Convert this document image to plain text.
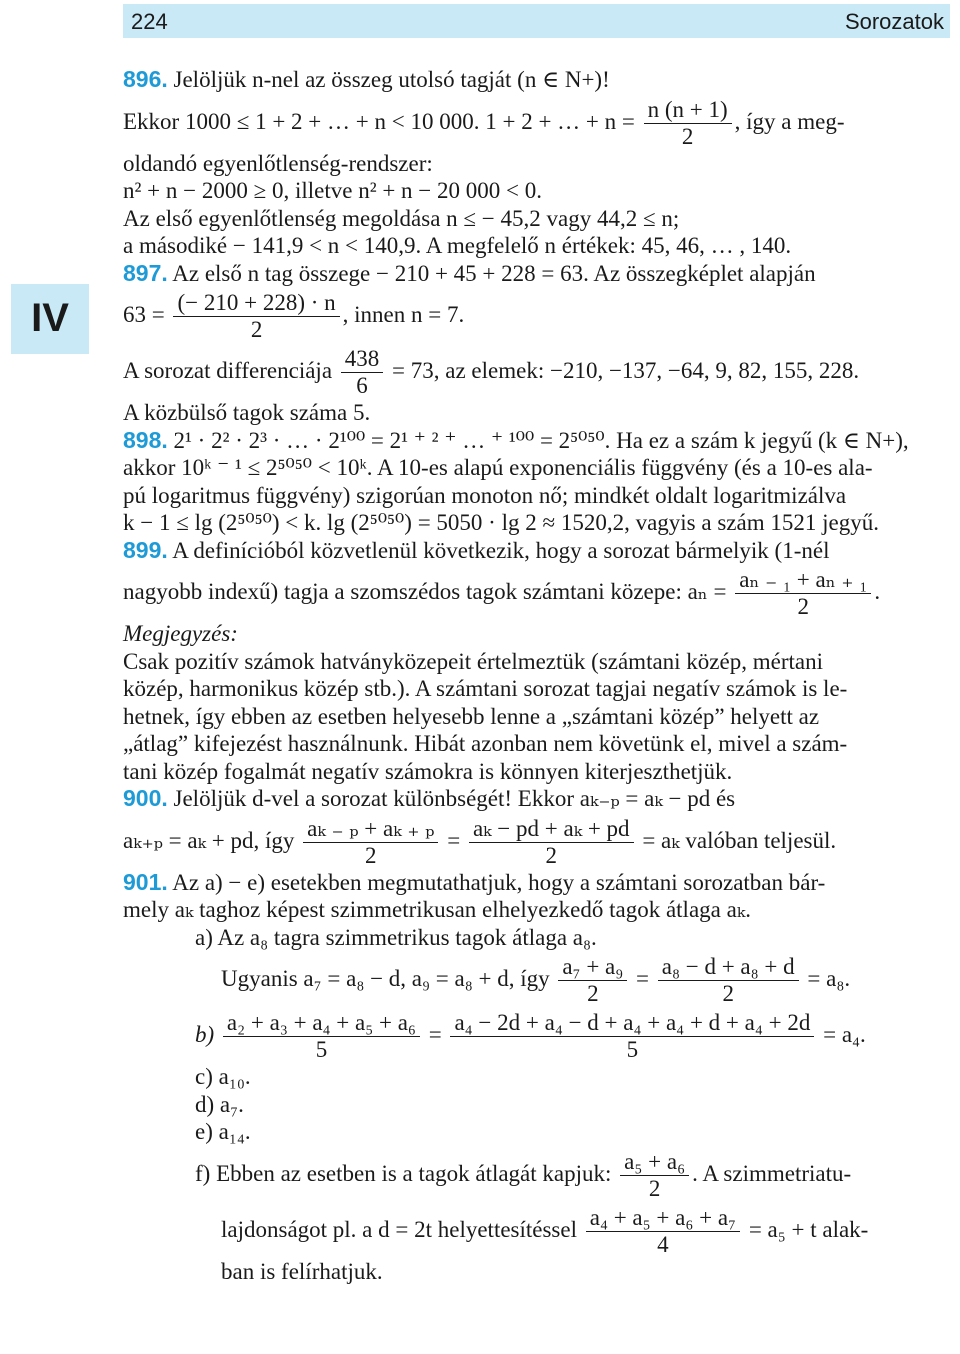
224	Sorozatok
IV
896. Jelöljük n-nel az összeg utolsó tagját (n ∈ N+)!
Ekkor 1000 ≤ 1 + 2 + … + n < 10 000. 1 + 2 + … + $n = \frac{n (n + 1)}{2}$ , így a meg-
oldandó egyenlőtlenség-rendszer:
n² + n − 2000 ≥ 0, illetve n² + n − 20 000 < 0.
Az első egyenlőtlenség megoldása n ≤ − 45,2 vagy 44,2 ≤ n;
a másodiké − 141,9 < n < 140,9. A megfelelő n értékek: 45, 46, … , 140.
897. Az első n tag összege − 210 + 45 + 228 = 63. Az összegképlet alapján
$63 = \frac{(- 210 + 228) \cdot n}{2}$ , innen n = 7.
A sorozat differenciája $\frac{438}{6} = 73$, az elemek: −210, −137, −64, 9, 82, 155, 228.
A közbülső tagok száma 5.
898. 2¹ · 2² · 2³ · … · 2¹⁰⁰ = 2¹ ⁺ ² ⁺ … ⁺ ¹⁰⁰ = 2⁵⁰⁵⁰. Ha ez a szám k jegyű (k ∈ N+),
akkor 10ᵏ ⁻ ¹ ≤ 2⁵⁰⁵⁰ < 10ᵏ. A 10-es alapú exponenciális függvény (és a 10-es ala-
pú logaritmus függvény) szigorúan monoton nő; mindkét oldalt logaritmizálva
k − 1 ≤ lg (2⁵⁰⁵⁰) < k. lg (2⁵⁰⁵⁰) = 5050 · lg 2 ≈ 1520,2, vagyis a szám 1521 jegyű.
899. A definícióból közvetlenül következik, hogy a sorozat bármelyik (1-nél
nagyobb indexű) tagja a szomszédos tagok számtani közepe: $a_n = \frac{\text{aₙ ₋ ₁ + aₙ ₊ ₁}}{2}$ .
Megjegyzés:
Csak pozitív számok hatványközepeit értelmeztük (számtani közép, mértani
közép, harmonikus közép stb.). A számtani sorozat tagjai negatív számok is le-
hetnek, így ebben az esetben helyesebb lenne a „számtani közép” helyett az
„átlag” kifejezést használnunk. Hibát azonban nem követünk el, mivel a szám-
tani közép fogalmát negatív számokra is könnyen kiterjeszthetjük.
900. Jelöljük d-vel a sorozat különbségét! Ekkor aₖ₋ₚ = aₖ − pd és
aₖ₊ₚ = aₖ + pd, így $\frac{\text{aₖ ₋ ₚ + aₖ ₊ ₚ}}{2} = \frac{\text{aₖ − pd + aₖ + pd}}{2} = a_k$ valóban teljesül.
901. Az a) − e) esetekben megmutathatjuk, hogy a számtani sorozatban bár-
mely aₖ taghoz képest szimmetrikusan elhelyezkedő tagok átlaga aₖ.
a) Az a₈ tagra szimmetrikus tagok átlaga a₈.
Ugyanis a₇ = a₈ − d, a₉ = a₈ + d, így $\frac{\text{a₇ + a₉}}{2} = \frac{\text{a₈ − d + a₈ + d}}{2} = a_8$.
$b) \frac{\text{a₂ + a₃ + a₄ + a₅ + a₆}}{5} = \frac{\text{a₄ − 2d + a₄ − d + a₄ + a₄ + d + a₄ + 2d}}{5} = a_4$.
c) a₁₀.
d) a₇.
e) a₁₄.
f) Ebben az esetben is a tagok átlagát kapjuk: $\frac{\text{a₅ + a₆}}{2}$ . A szimmetriatu-
lajdonságot pl. a d = 2t helyettesítéssel $\frac{\text{a₄ + a₅ + a₆ + a₇}}{4} = a_5 + t$ alak-
ban is felírhatjuk.
